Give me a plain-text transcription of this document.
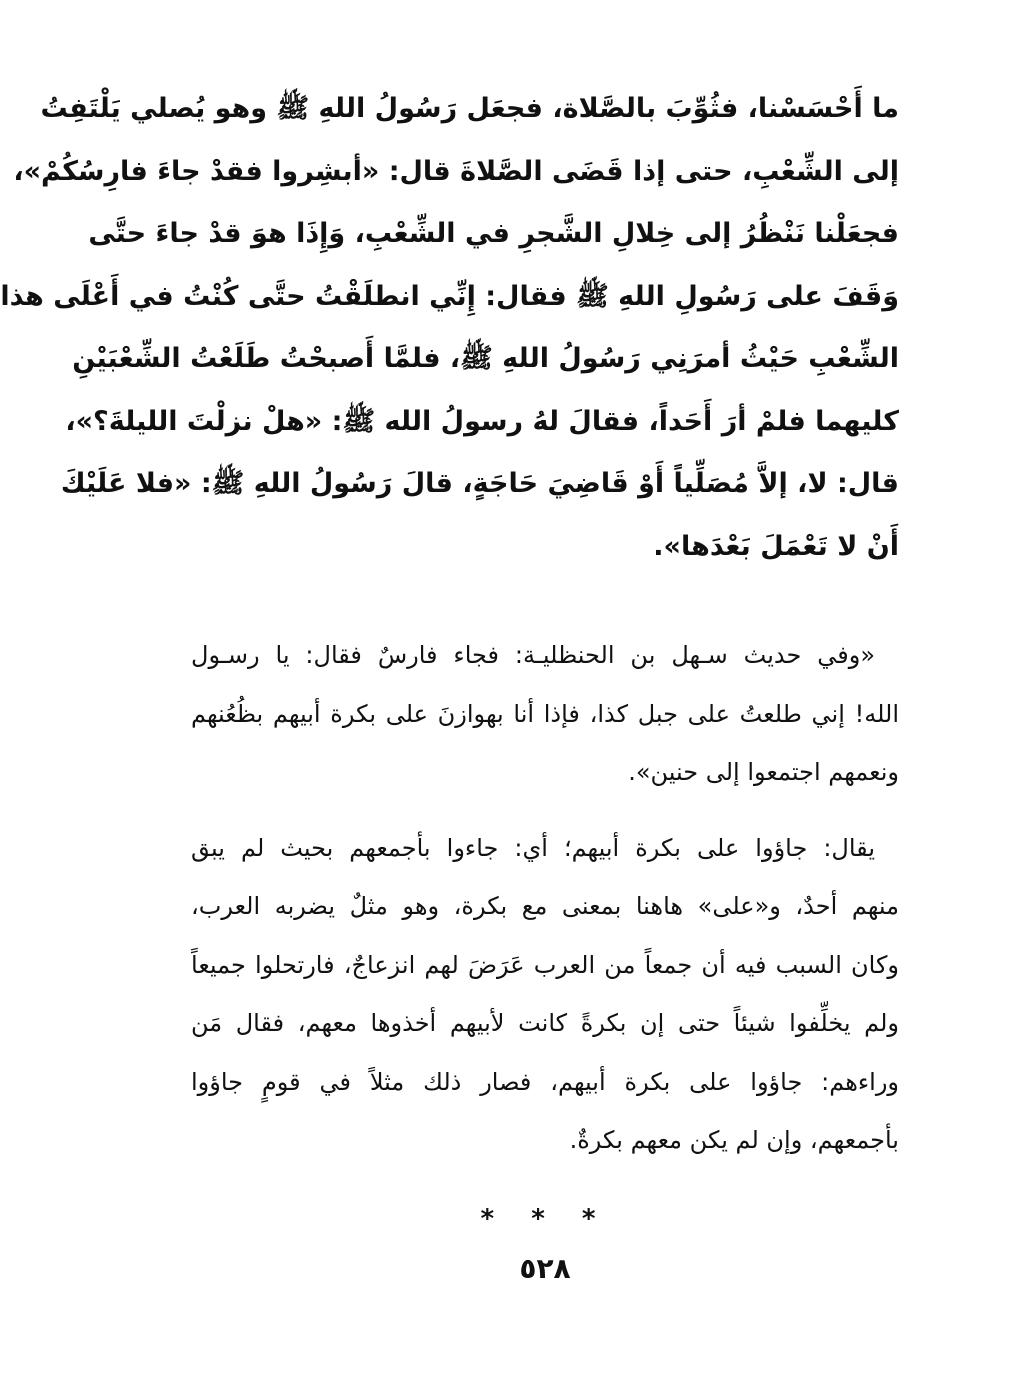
ما أَحْسَسْنا، فثُوِّبَ بالصَّلاة، فجعَل رَسُولُ اللهِ ﷺ وهو يُصلي يَلْتَفِتُ
إلى الشِّعْبِ، حتى إذا قَضَى الصَّلاةَ قال: «أبشِروا فقدْ جاءَ فارِسُكُمْ»،
فجعَلْنا نَنْظُرُ إلى خِلالِ الشَّجرِ في الشِّعْبِ، وَإِذَا هوَ قدْ جاءَ حتَّى
وَقَفَ على رَسُولِ اللهِ ﷺ فقال: إِنِّي انطلَقْتُ حتَّى كُنْتُ في أَعْلَى هذا
الشِّعْبِ حَيْثُ أمرَنِي رَسُولُ اللهِ ﷺ، فلمَّا أَصبحْتُ طَلَعْتُ الشِّعْبَيْنِ
كليهما فلمْ أرَ أَحَداً، فقالَ لهُ رسولُ الله ﷺ: «هلْ نزلْتَ الليلةَ؟»،
قال: لا، إلاَّ مُصَلِّياً أَوْ قَاضِيَ حَاجَةٍ، قالَ رَسُولُ اللهِ ﷺ: «فلا عَلَيْكَ
أَنْ لا تَعْمَلَ بَعْدَها».
«وفي حديث سـهل بن الحنظليـة: فجاء فارسٌ فقال: يا رسـول
الله! إني طلعتُ على جبل كذا، فإذا أنا بهوازنَ على بكرة أبيهم بظُعُنهم
ونعمهم اجتمعوا إلى حنين».
يقال: جاؤوا على بكرة أبيهم؛ أي: جاءوا بأجمعهم بحيث لم يبق
منهم أحدٌ، و«على» هاهنا بمعنى مع بكرة، وهو مثلٌ يضربه العرب،
وكان السبب فيه أن جمعاً من العرب عَرَضَ لهم انزعاجٌ، فارتحلوا جميعاً
ولم يخلِّفوا شيئاً حتى إن بكرةً كانت لأبيهم أخذوها معهم، فقال مَن
وراءهم: جاؤوا على بكرة أبيهم، فصار ذلك مثلاً في قومٍ جاؤوا
بأجمعهم، وإن لم يكن معهم بكرةٌ.
* * *
٥٢٨
